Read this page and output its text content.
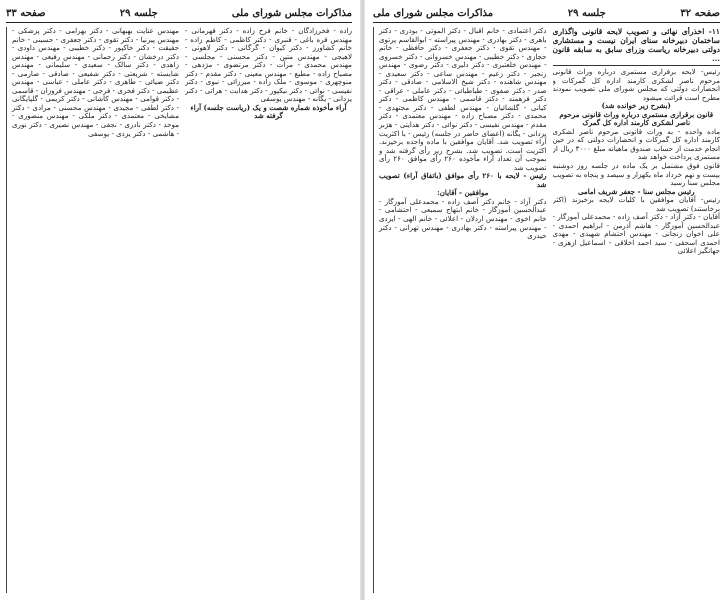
صفحه ۳۲
جلسه ۲۹
مذاکرات مجلس شورای ملی

۱۱- اخذرأی نهائی و تصویب لایحه قانونی واگذاری ساختمان دبیرخانه سنای ایران نیست و مستشاری دولتی دبیرخانه ریاست وزرای سابق به سابقه قانون ...

رئیس- لایحه برقراری مستمری درباره وراث قانونی مرحوم ناصر لشکری کارمند اداره کل گمرکات و انحصارات دولتی که مجلس شورای ملی تصویب نمودند مطرح است قرائت میشود

(بشرح زیر خوانده شد)

قانون برقراری مستمری درباره وراث قانونی مرحوم ناصر لشکری کارمند اداره کل گمرک

ماده واحده - به وراث قانونی مرحوم ناصر لشکری کارمند اداره کل گمرکات و انحصارات دولتی که در حین انجام خدمت از حساب صندوق ماهیانه مبلغ ۳۰۰۰ ریال از مستمری پرداخت خواهد شد

قانون فوق مشتمل بر یک ماده در جلسه روز دوشنبه بیست و نهم خرداد ماه یکهزار و سیصد و پنجاه به تصویب مجلس سنا رسید

رئیس مجلس سنا - جعفر شریف امامی

رئیس- آقایان موافقین با کلیات لایحه برخیزند (اکثر برخاستند) تصویب شد

آقایان - دکتر آزاد - دکتر آصف زاده - محمدعلی آموزگار - عبدالحسین آموزگار - هاشم آذرمن - ابراهیم احمدی - علی اخوان زنجانی - مهندس احتشام شهیدی - مهدی احمدی اسحقی - سید احمد اخلاقی - اسماعیل ازهری - جهانگیر اعلائی

دکتر اعتمادی - خانم اقبال - دکتر الموتی - بوذری - دکتر باهری - دکتر بهادری - مهندس پیراسته - ابوالقاسم پرتوی - مهندس تقوی - دکتر جعفری - دکتر حافظی - خانم حجازی - دکتر خطیبی - مهندس خسروانی - دکتر خسروی - مهندس خلعتبری - دکتر دلیری - دکتر رضوی - مهندس رنجبر - دکتر زعیم - مهندس ساعی - دکتر سعیدی - مهندس شاهنده - دکتر شیخ الاسلامی - صادقی - دکتر صدر - دکتر صفوی - طباطبائی - دکتر عاملی - عراقی - دکتر فرهمند - دکتر قاسمی - مهندس کاظمی - دکتر کیانی - گلشائیان - مهندس لطفی - دکتر مجتهدی - محمدی - دکتر مصباح زاده - مهندس معتمدی - دکتر مقدم - مهندس نفیسی - دکتر نوائی - دکتر هدایتی - هژبر یزدانی - یگانه (اعضای حاضر در جلسه) رئیس - با اکثریت آراء تصویب شد. آقایان موافقین با ماده واحده برخیزند. اکثریت است. تصویب شد. بشرح زیر رأی گرفته شد و بموجب آن تعداد آراء مأخوذه ۲۶۰ رأی موافق ۲۶۰ رأی تصویب شد

رئیس - لایحه با ۲۶۰ رأی موافق (باتفاق آراء) تصویب شد

موافقین - آقایان:

دکتر آزاد - خانم دکتر آصف زاده - محمدعلی آموزگار - عبدالحسین آموزگار - خانم ابتهاج سمیعی - احتشامی - خانم اخوی - مهندس اردلان - اعلائی - خانم الهی - ایزدی - مهندس پیراسته - دکتر بهادری - مهندس تهرانی - دکتر حیدری

مذاکرات مجلس شورای ملی
جلسه ۲۹
صفحه ۳۳

زاده - فخرزادگان - خانم فرخ زاده - دکتر قهرمانی - مهندس قره باغی - قنبری - دکتر کاظمی - کاظم زاده - خانم کشاورز - دکتر کیوان - گرگانی - دکتر لاهوتی - لاهیجی - مهندس متین - دکتر محسنی - مجلسی - مهندس محمدی - مرآت - دکتر مرتضوی - مژدهی - مصباح زاده - مطیع - مهندس معینی - دکتر مقدم - دکتر منوچهری - موسوی - ملک زاده - میرزائی - نبوی - دکتر نفیسی - نوائی - دکتر نیکپور - دکتر هدایت - هراتی - دکتر یزدانی - یگانه - مهندس یوسفی

آراء مأخوذه شماره شصت و یک (ریاست جلسه) آراء گرفته شد

مهندس عنایت بهبهانی - دکتر بهرامی - دکتر پزشکی - مهندس پیرنیا - دکتر تقوی - دکتر جعفری - حسینی - خانم حقیقت - دکتر خاکپور - دکتر خطیبی - مهندس داودی - دکتر درخشان - دکتر رحمانی - مهندس رفیعی - مهندس زاهدی - دکتر سالک - سعیدی - سلیمانی - مهندس شایسته - شریعتی - دکتر شفیعی - صادقی - صارمی - دکتر ضیائی - طاهری - دکتر عاملی - عباسی - مهندس عظیمی - دکتر فخری - فرجی - مهندس فروزان - قاسمی - دکتر قوامی - مهندس کاشانی - دکتر کریمی - گلپایگانی - دکتر لطفی - مجیدی - مهندس محسنی - مرادی - دکتر مشایخی - معتمدی - دکتر ملکی - مهندس منصوری - موحد - دکتر نادری - نجفی - مهندس نصیری - دکتر نوری - هاشمی - دکتر یزدی - یوسفی
